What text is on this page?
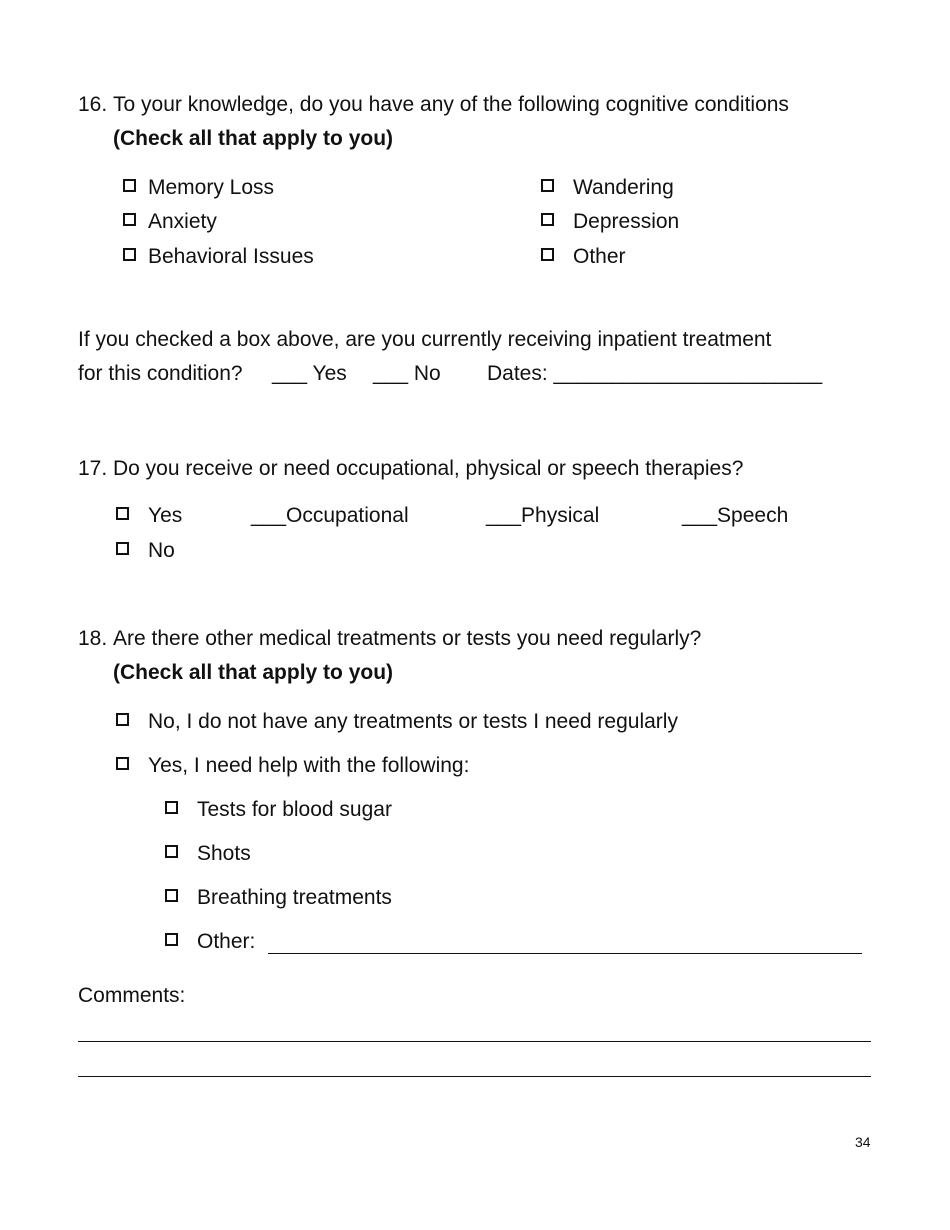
16. To your knowledge, do you have any of the following cognitive conditions
(Check all that apply to you)
Memory Loss
Anxiety
Behavioral Issues
Wandering
Depression
Other
If you checked a box above, are you currently receiving inpatient treatment
for this condition? ___ Yes ___ No Dates: _______________________
17. Do you receive or need occupational, physical or speech therapies?
Yes	___Occupational	___Physical	___Speech
No
18. Are there other medical treatments or tests you need regularly?
(Check all that apply to you)
No, I do not have any treatments or tests I need regularly
Yes, I need help with the following:
Tests for blood sugar
Shots
Breathing treatments
Other:
Comments:
34
